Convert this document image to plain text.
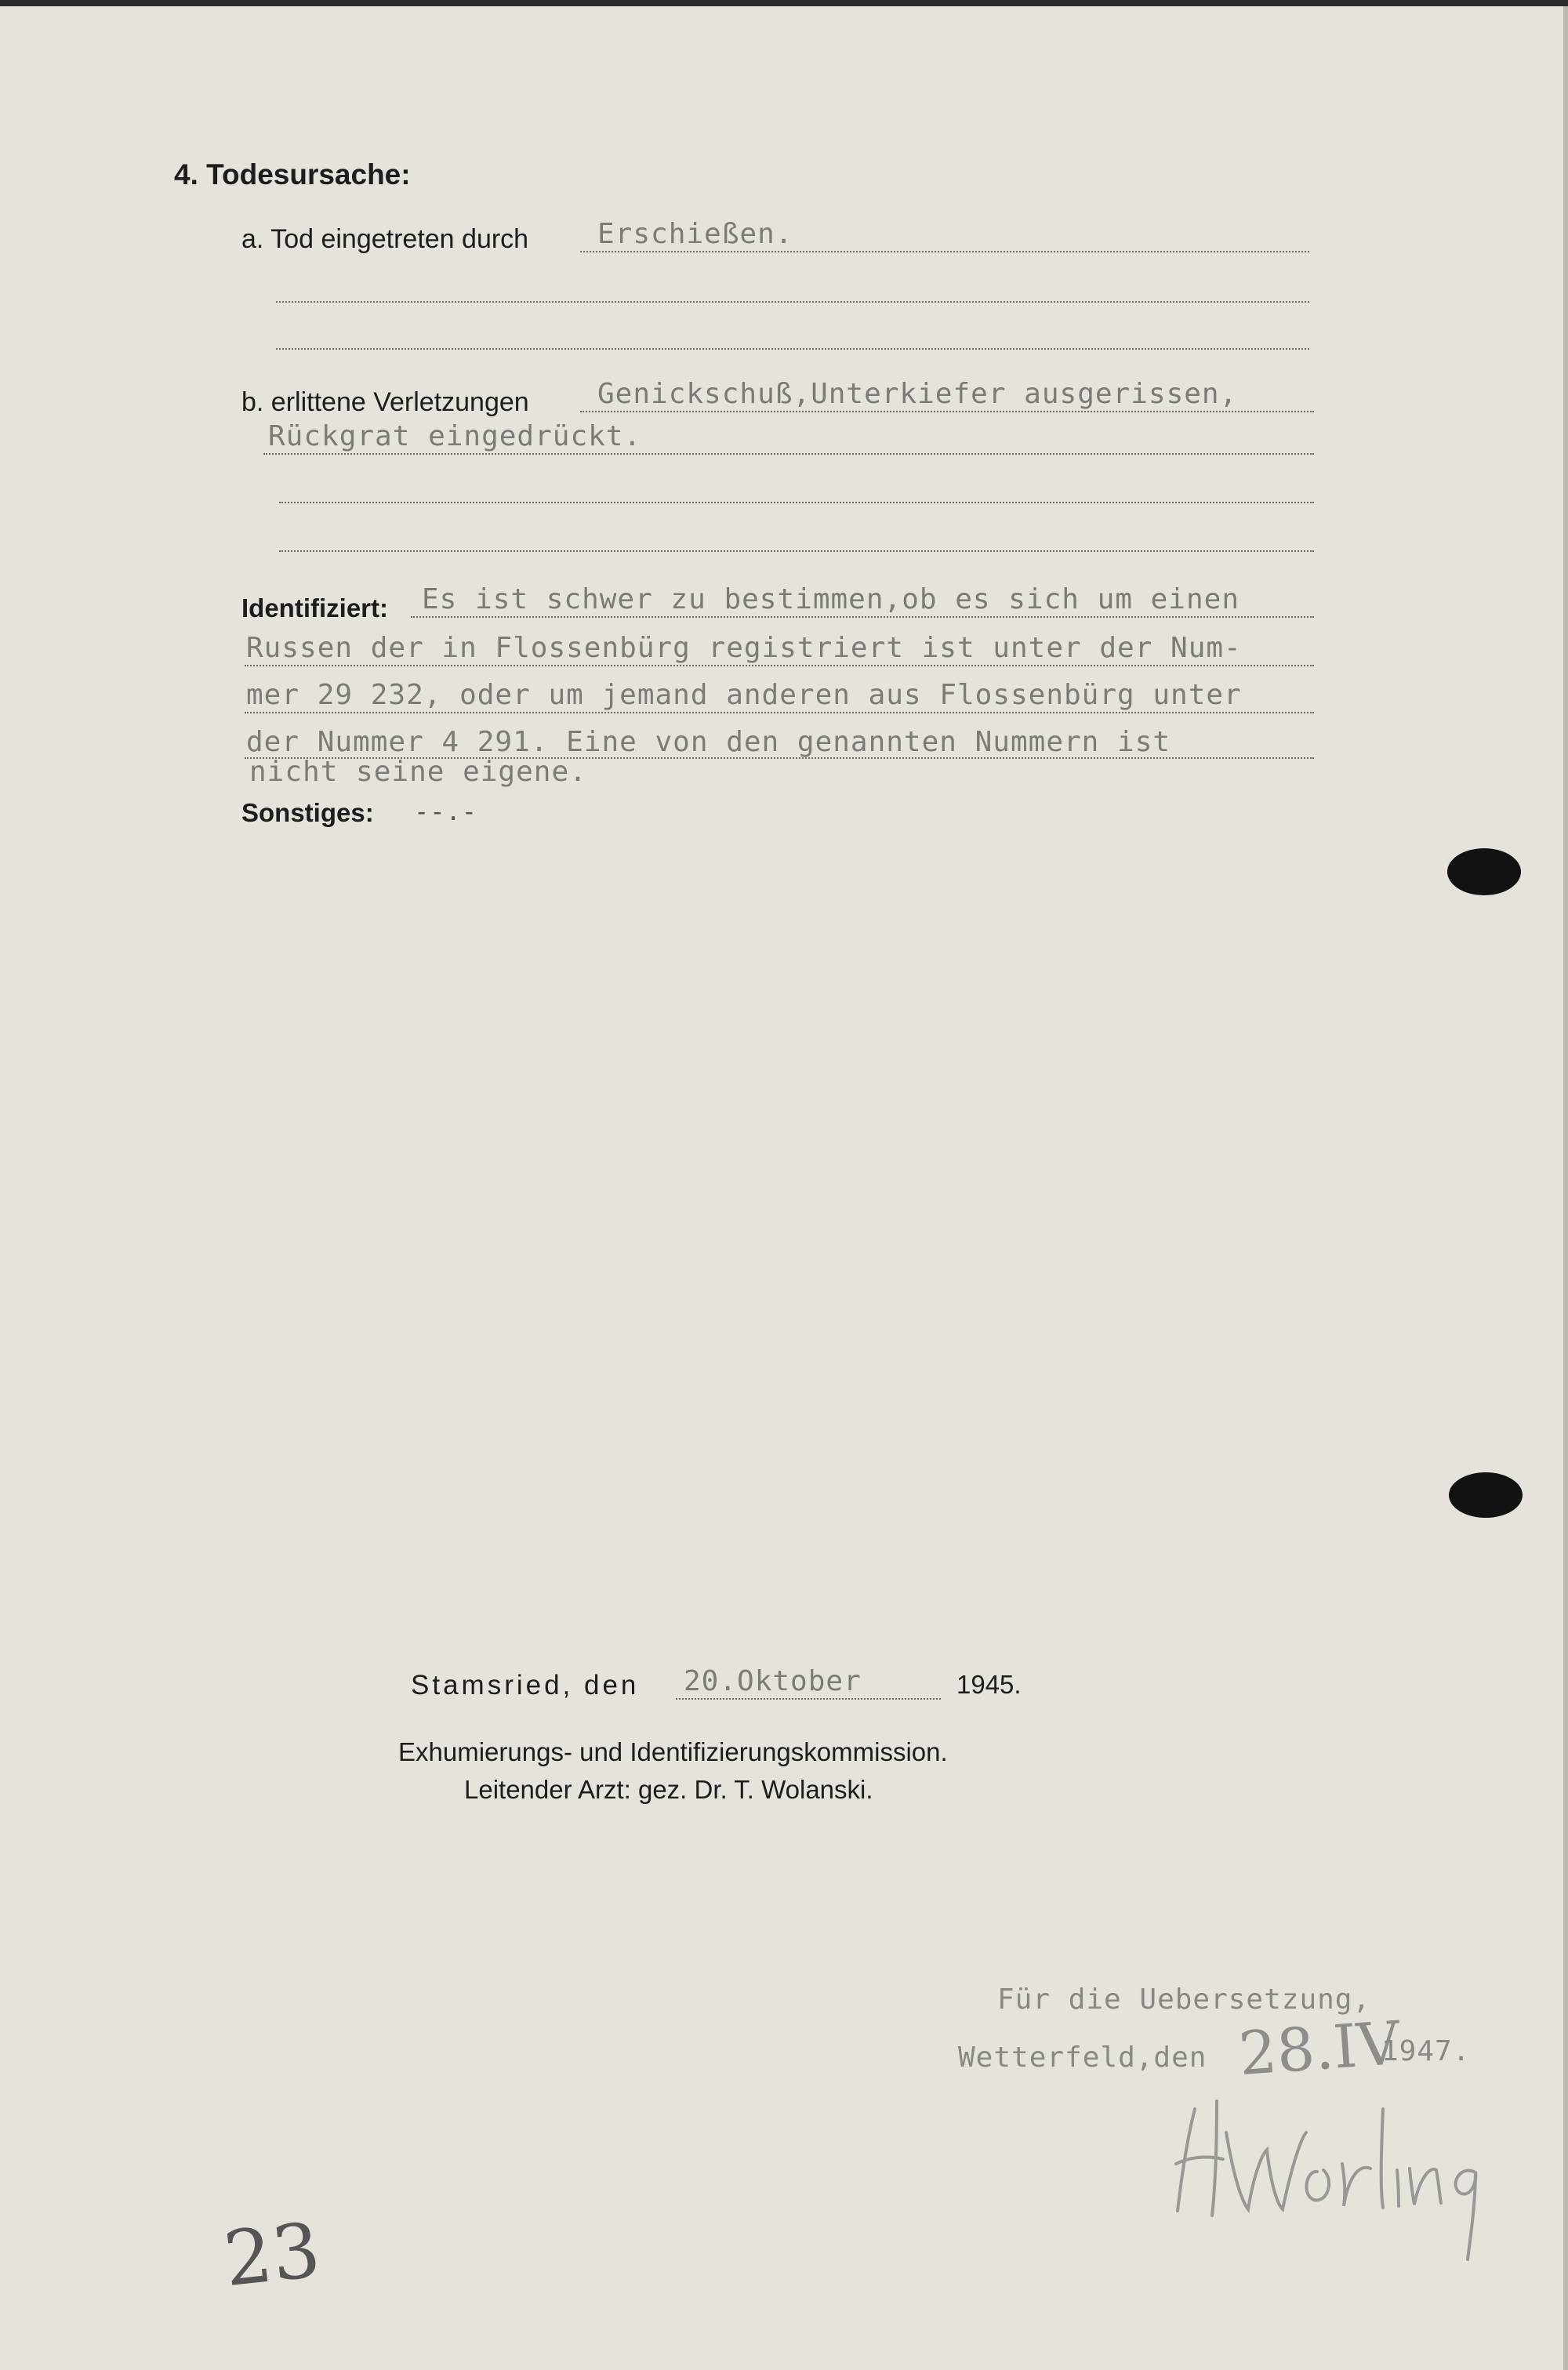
4. Todesursache:
a. Tod eingetreten durch Erschießen.
b. erlittene Verletzungen Genickschuß,Unterkiefer ausgerissen,
Rückgrat eingedrückt.
Identifiziert: Es ist schwer zu bestimmen,ob es sich um einen
Russen der in Flossenbürg registriert ist unter der Num-
mer 29 232, oder um jemand anderen aus Flossenbürg unter
der Nummer 4 291. Eine von den genannten Nummern ist
nicht seine eigene.
Sonstiges: --.-
Stamsried, den 20.Oktober	1945.
Exhumierungs- und Identifizierungskommission.
Leitender Arzt: gez. Dr. T. Wolanski.
Für die Uebersetzung,
Wetterfeld,den 28.IV
1947.
23
